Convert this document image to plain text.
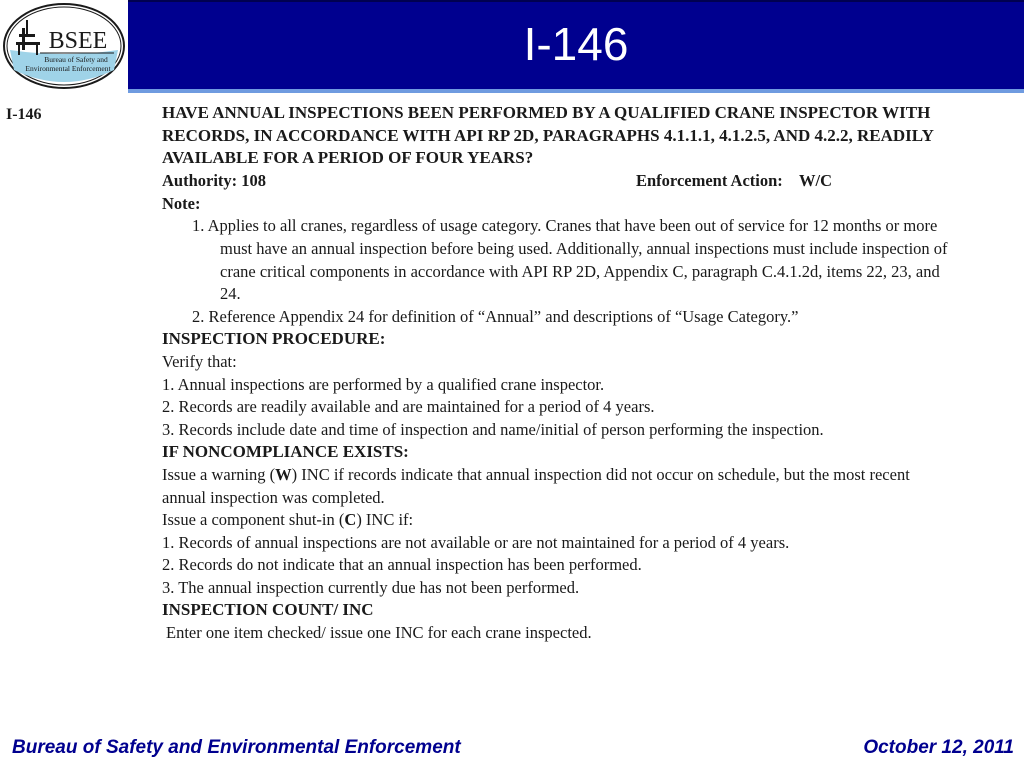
BSEE
Bureau of Safety and
Environmental Enforcement	I-146
I-146	HAVE ANNUAL INSPECTIONS BEEN PERFORMED BY A QUALIFIED CRANE INSPECTOR WITH RECORDS, IN ACCORDANCE WITH API RP 2D, PARAGRAPHS 4.1.1.1, 4.1.2.5, AND 4.2.2, READILY AVAILABLE FOR A PERIOD OF FOUR YEARS?

Authority: 108	Enforcement Action: W/C

Note:

1. Applies to all cranes, regardless of usage category. Cranes that have been out of service for 12 months or more must have an annual inspection before being used. Additionally, annual inspections must include inspection of crane critical components in accordance with API RP 2D, Appendix C, paragraph C.4.1.2d, items 22, 23, and 24.

2. Reference Appendix 24 for definition of “Annual” and descriptions of “Usage Category.”

INSPECTION PROCEDURE:

Verify that:

1. Annual inspections are performed by a qualified crane inspector.

2. Records are readily available and are maintained for a period of 4 years.

3. Records include date and time of inspection and name/initial of person performing the inspection.

IF NONCOMPLIANCE EXISTS:

Issue a warning (W) INC if records indicate that annual inspection did not occur on schedule, but the most recent annual inspection was completed.

Issue a component shut-in (C) INC if:

1. Records of annual inspections are not available or are not maintained for a period of 4 years.

2. Records do not indicate that an annual inspection has been performed.

3. The annual inspection currently due has not been performed.

INSPECTION COUNT/ INC

Enter one item checked/ issue one INC for each crane inspected.

Bureau of Safety and Environmental Enforcement	October 12, 2011
